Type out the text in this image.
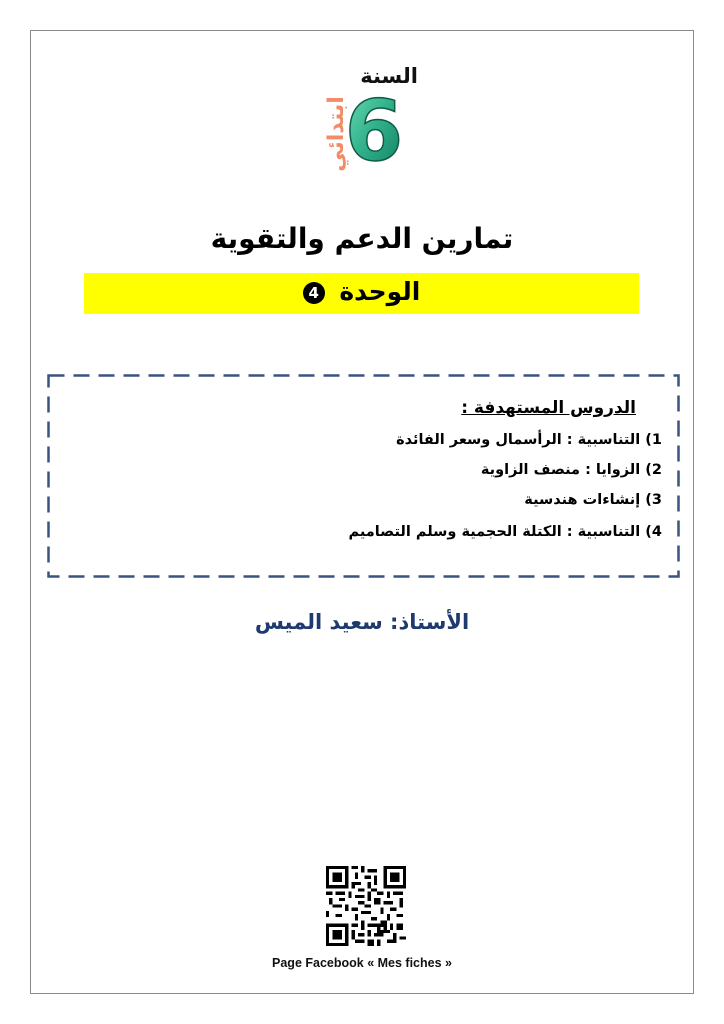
السنة
ابتدائي
6
تمارين الدعم والتقوية
الوحدة 4
الدروس المستهدفة :
1) التناسبية : الرأسمال وسعر الفائدة
2) الزوايا : منصف الزاوية
3) إنشاءات هندسية
4) التناسبية : الكتلة الحجمية وسلم التصاميم
الأستاذ: سعيد الميس
Page Facebook « Mes fiches »
